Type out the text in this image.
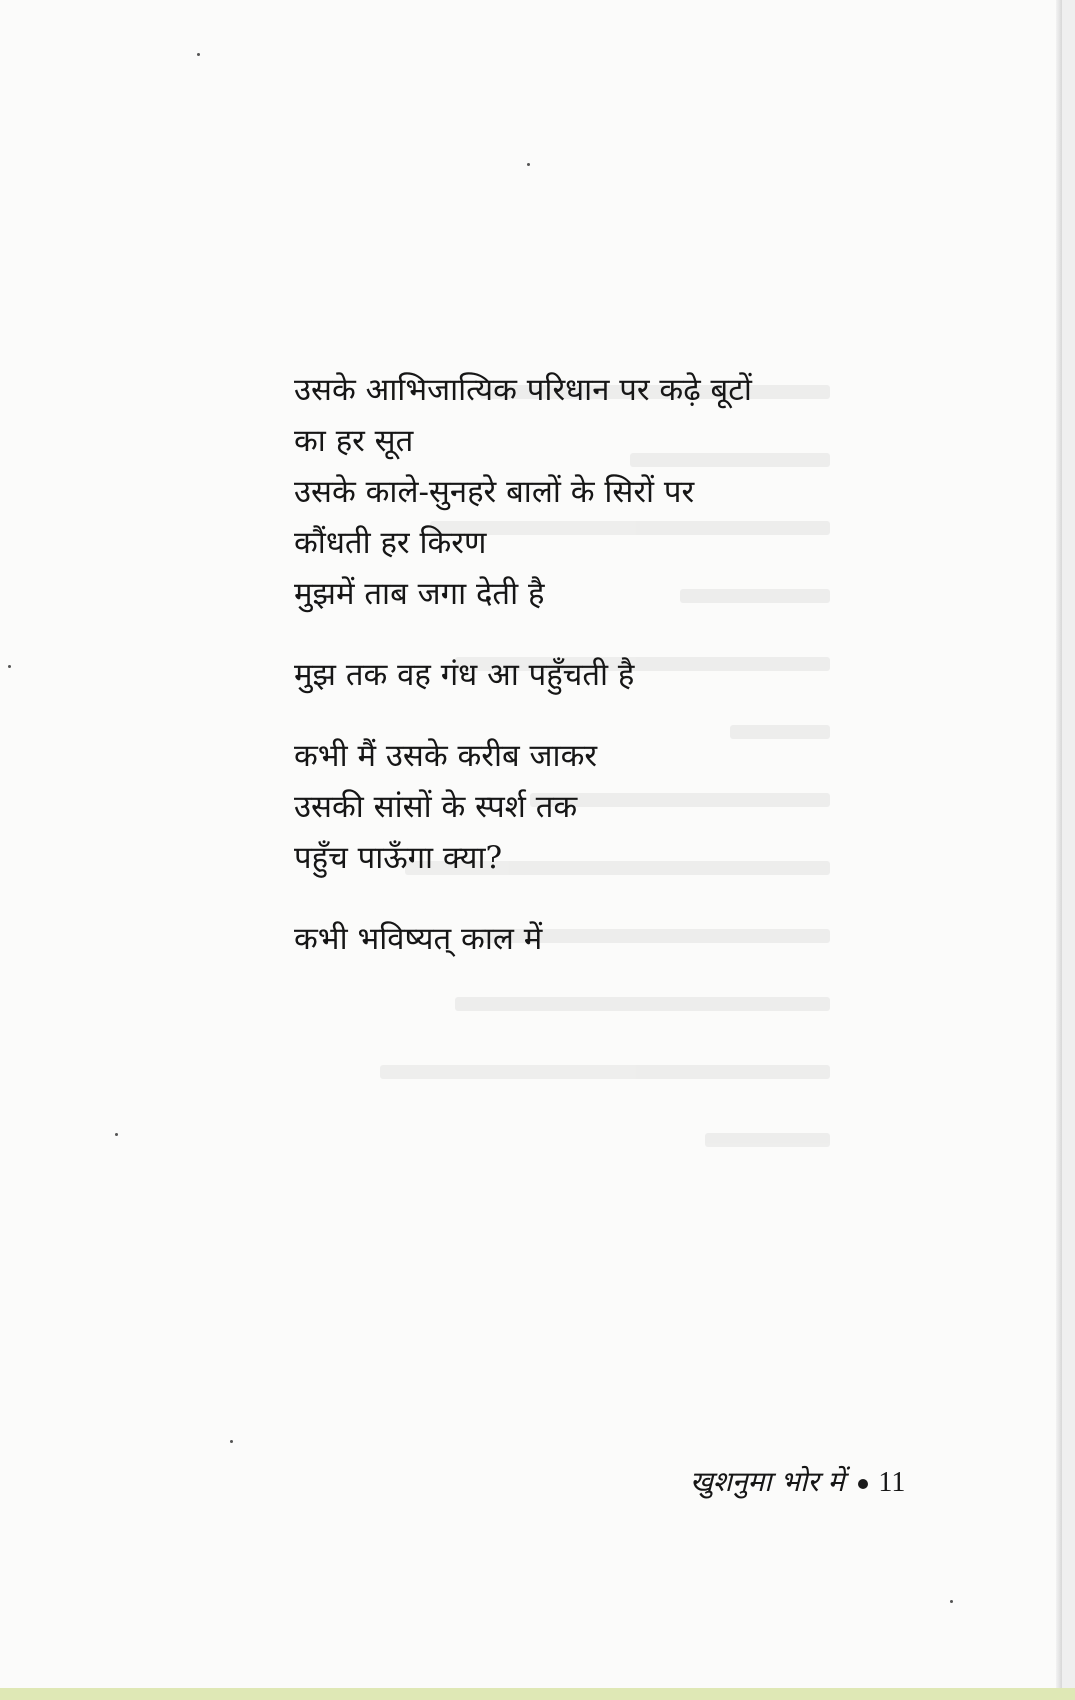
उसके आभिजात्यिक परिधान पर कढ़े बूटों
का हर सूत
उसके काले-सुनहरे बालों के सिरों पर
कौंधती हर किरण
मुझमें ताब जगा देती है
मुझ तक वह गंध आ पहुँचती है
कभी मैं उसके करीब जाकर
उसकी सांसों के स्पर्श तक
पहुँच पाऊँगा क्या?
कभी भविष्यत् काल में
खुशनुमा भोर में 11
